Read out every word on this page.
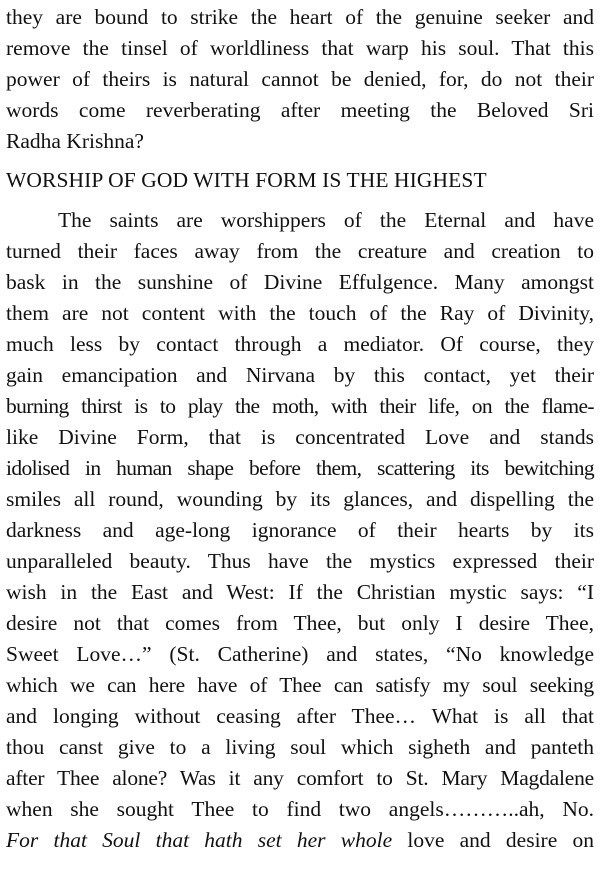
they are bound to strike the heart of the genuine seeker and
remove the tinsel of worldliness that warp his soul. That this
power of theirs is natural cannot be denied, for, do not their
words come reverberating after meeting the Beloved Sri
Radha Krishna?
WORSHIP OF GOD WITH FORM IS THE HIGHEST
The saints are worshippers of the Eternal and have
turned their faces away from the creature and creation to
bask in the sunshine of Divine Effulgence. Many amongst
them are not content with the touch of the Ray of Divinity,
much less by contact through a mediator. Of course, they
gain emancipation and Nirvana by this contact, yet their
burning thirst is to play the moth, with their life, on the flame-
like Divine Form, that is concentrated Love and stands
idolised in human shape before them, scattering its bewitching
smiles all round, wounding by its glances, and dispelling the
darkness and age-long ignorance of their hearts by its
unparalleled beauty. Thus have the mystics expressed their
wish in the East and West: If the Christian mystic says: “I
desire not that comes from Thee, but only I desire Thee,
Sweet Love…” (St. Catherine) and states, “No knowledge
which we can here have of Thee can satisfy my soul seeking
and longing without ceasing after Thee… What is all that
thou canst give to a living soul which sigheth and panteth
after Thee alone? Was it any comfort to St. Mary Magdalene
when she sought Thee to find two angels………..ah, No.
For that Soul that hath set her whole love and desire on
